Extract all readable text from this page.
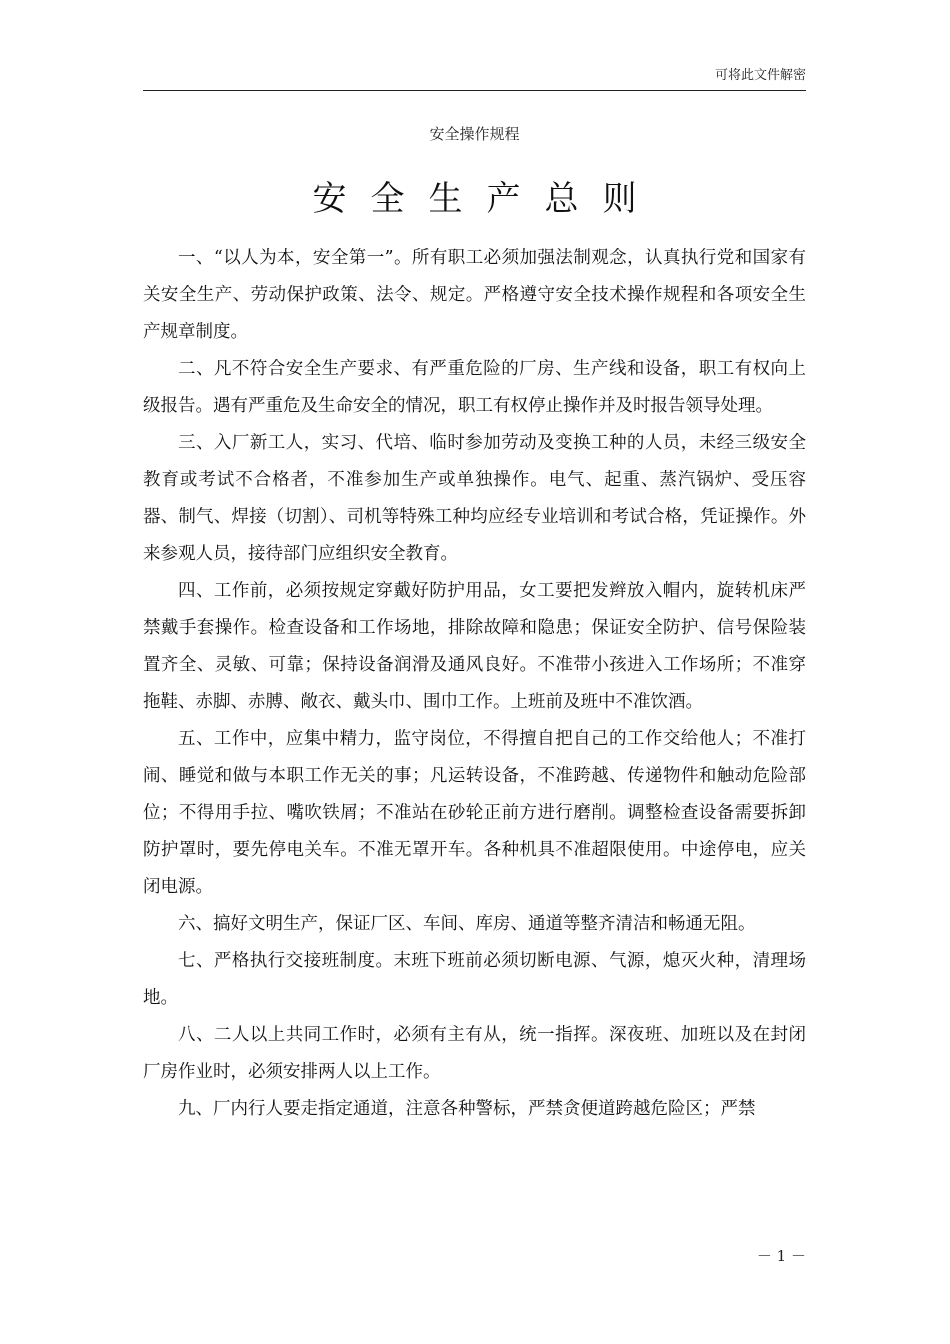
可将此文件解密
安全操作规程
安全生产总则

一、“以人为本，安全第一”。所有职工必须加强法制观念，认真执行党和国家有关安全生产、劳动保护政策、法令、规定。严格遵守安全技术操作规程和各项安全生产规章制度。

二、凡不符合安全生产要求、有严重危险的厂房、生产线和设备，职工有权向上级报告。遇有严重危及生命安全的情况，职工有权停止操作并及时报告领导处理。

三、入厂新工人，实习、代培、临时参加劳动及变换工种的人员，未经三级安全教育或考试不合格者，不准参加生产或单独操作。电气、起重、蒸汽锅炉、受压容器、制气、焊接（切割）、司机等特殊工种均应经专业培训和考试合格，凭证操作。外来参观人员，接待部门应组织安全教育。

四、工作前，必须按规定穿戴好防护用品，女工要把发辫放入帽内，旋转机床严禁戴手套操作。检查设备和工作场地，排除故障和隐患；保证安全防护、信号保险装置齐全、灵敏、可靠；保持设备润滑及通风良好。不准带小孩进入工作场所；不准穿拖鞋、赤脚、赤膊、敞衣、戴头巾、围巾工作。上班前及班中不准饮酒。

五、工作中，应集中精力，监守岗位，不得擅自把自己的工作交给他人；不准打闹、睡觉和做与本职工作无关的事；凡运转设备，不准跨越、传递物件和触动危险部位；不得用手拉、嘴吹铁屑；不准站在砂轮正前方进行磨削。调整检查设备需要拆卸防护罩时，要先停电关车。不准无罩开车。各种机具不准超限使用。中途停电，应关闭电源。

六、搞好文明生产，保证厂区、车间、库房、通道等整齐清洁和畅通无阻。

七、严格执行交接班制度。末班下班前必须切断电源、气源，熄灭火种，清理场地。

八、二人以上共同工作时，必须有主有从，统一指挥。深夜班、加班以及在封闭厂房作业时，必须安排两人以上工作。

九、厂内行人要走指定通道，注意各种警标，严禁贪便道跨越危险区；严禁

－ 1 －
